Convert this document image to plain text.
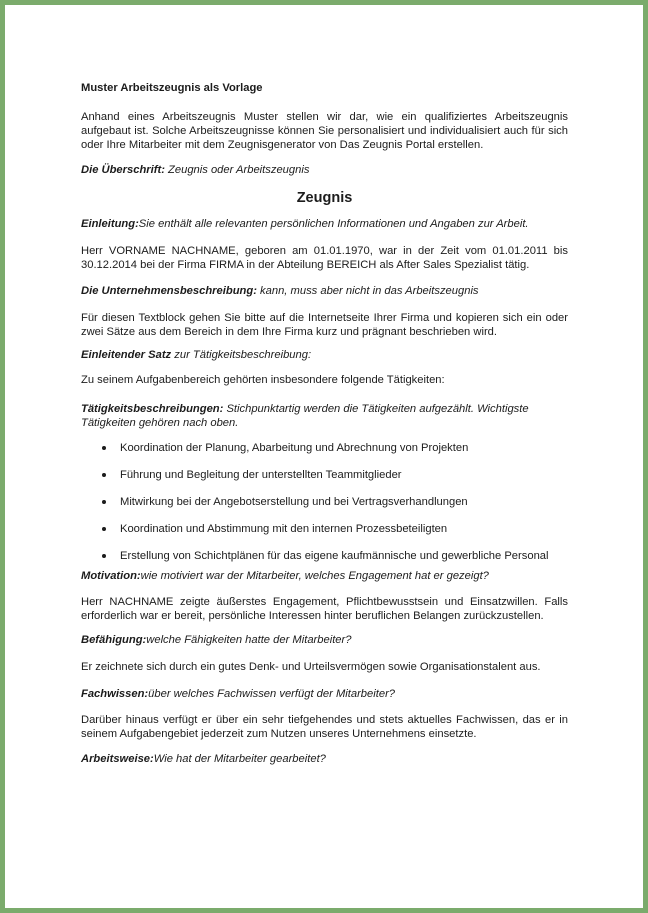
Muster Arbeitszeugnis als Vorlage

Anhand eines Arbeitszeugnis Muster stellen wir dar, wie ein qualifiziertes Arbeitszeugnis aufgebaut ist. Solche Arbeitszeugnisse können Sie personalisiert und individualisiert auch für sich oder Ihre Mitarbeiter mit dem Zeugnisgenerator von Das Zeugnis Portal erstellen.

Die Überschrift: Zeugnis oder Arbeitszeugnis

Zeugnis

Einleitung:Sie enthält alle relevanten persönlichen Informationen und Angaben zur Arbeit.

Herr VORNAME NACHNAME, geboren am 01.01.1970, war in der Zeit vom 01.01.2011 bis 30.12.2014 bei der Firma FIRMA in der Abteilung BEREICH als After Sales Spezialist tätig.

Die Unternehmensbeschreibung: kann, muss aber nicht in das Arbeitszeugnis

Für diesen Textblock gehen Sie bitte auf die Internetseite Ihrer Firma und kopieren sich ein oder zwei Sätze aus dem Bereich in dem Ihre Firma kurz und prägnant beschrieben wird.

Einleitender Satz zur Tätigkeitsbeschreibung:

Zu seinem Aufgabenbereich gehörten insbesondere folgende Tätigkeiten:

Tätigkeitsbeschreibungen: Stichpunktartig werden die Tätigkeiten aufgezählt. Wichtigste Tätigkeiten gehören nach oben.

Koordination der Planung, Abarbeitung und Abrechnung von Projekten
Führung und Begleitung der unterstellten Teammitglieder
Mitwirkung bei der Angebotserstellung und bei Vertragsverhandlungen
Koordination und Abstimmung mit den internen Prozessbeteiligten
Erstellung von Schichtplänen für das eigene kaufmännische und gewerbliche Personal

Motivation:wie motiviert war der Mitarbeiter, welches Engagement hat er gezeigt?

Herr NACHNAME zeigte äußerstes Engagement, Pflichtbewusstsein und Einsatzwillen. Falls erforderlich war er bereit, persönliche Interessen hinter beruflichen Belangen zurückzustellen.

Befähigung:welche Fähigkeiten hatte der Mitarbeiter?

Er zeichnete sich durch ein gutes Denk- und Urteilsvermögen sowie Organisationstalent aus.

Fachwissen:über welches Fachwissen verfügt der Mitarbeiter?

Darüber hinaus verfügt er über ein sehr tiefgehendes und stets aktuelles Fachwissen, das er in seinem Aufgabengebiet jederzeit zum Nutzen unseres Unternehmens einsetzte.

Arbeitsweise:Wie hat der Mitarbeiter gearbeitet?
